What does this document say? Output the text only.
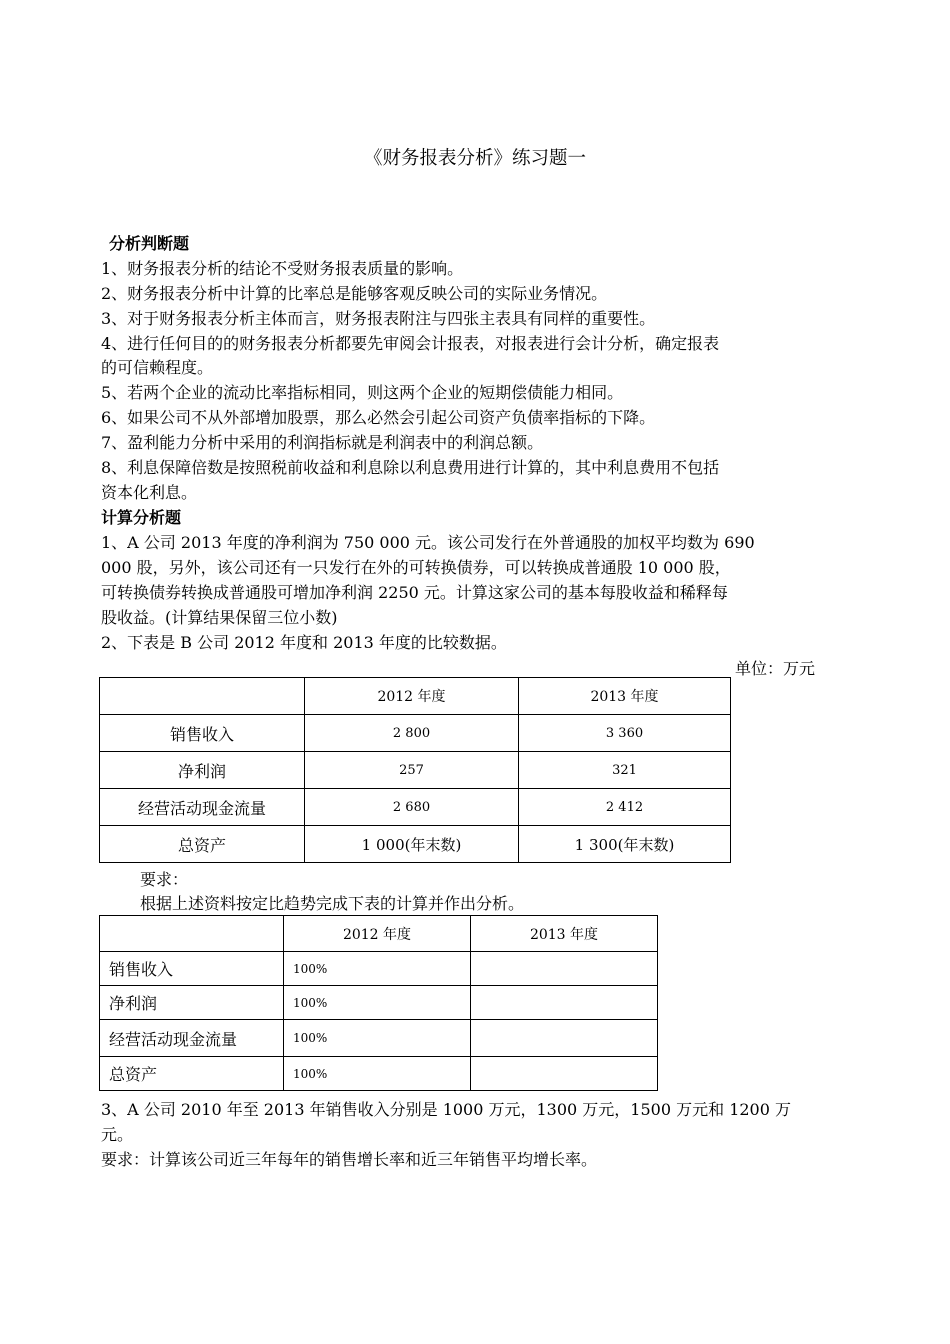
《财务报表分析》练习题一
分析判断题
1、财务报表分析的结论不受财务报表质量的影响。
2、财务报表分析中计算的比率总是能够客观反映公司的实际业务情况。
3、对于财务报表分析主体而言，财务报表附注与四张主表具有同样的重要性。
4、进行任何目的的财务报表分析都要先审阅会计报表，对报表进行会计分析，确定报表
的可信赖程度。
5、若两个企业的流动比率指标相同，则这两个企业的短期偿债能力相同。
6、如果公司不从外部增加股票，那么必然会引起公司资产负债率指标的下降。
7、盈利能力分析中采用的利润指标就是利润表中的利润总额。
8、利息保障倍数是按照税前收益和利息除以利息费用进行计算的，其中利息费用不包括
资本化利息。
计算分析题
1、A 公司 2013 年度的净利润为 750 000 元。该公司发行在外普通股的加权平均数为 690
000 股，另外，该公司还有一只发行在外的可转换债券，可以转换成普通股 10 000 股，
可转换债券转换成普通股可增加净利润 2250 元。计算这家公司的基本每股收益和稀释每
股收益。(计算结果保留三位小数)
2、下表是 B 公司 2012 年度和 2013 年度的比较数据。
单位：万元
	2012 年度	2013 年度
销售收入	2 800	3 360
净利润	257	321
经营活动现金流量	2 680	2 412
总资产	1 000(年末数)	1 300(年末数)
要求：
根据上述资料按定比趋势完成下表的计算并作出分析。
	2012 年度	2013 年度
销售收入	100%	
净利润	100%	
经营活动现金流量	100%	
总资产	100%	
3、A 公司 2010 年至 2013 年销售收入分别是 1000 万元，1300 万元，1500 万元和 1200 万
元。
要求：计算该公司近三年每年的销售增长率和近三年销售平均增长率。
